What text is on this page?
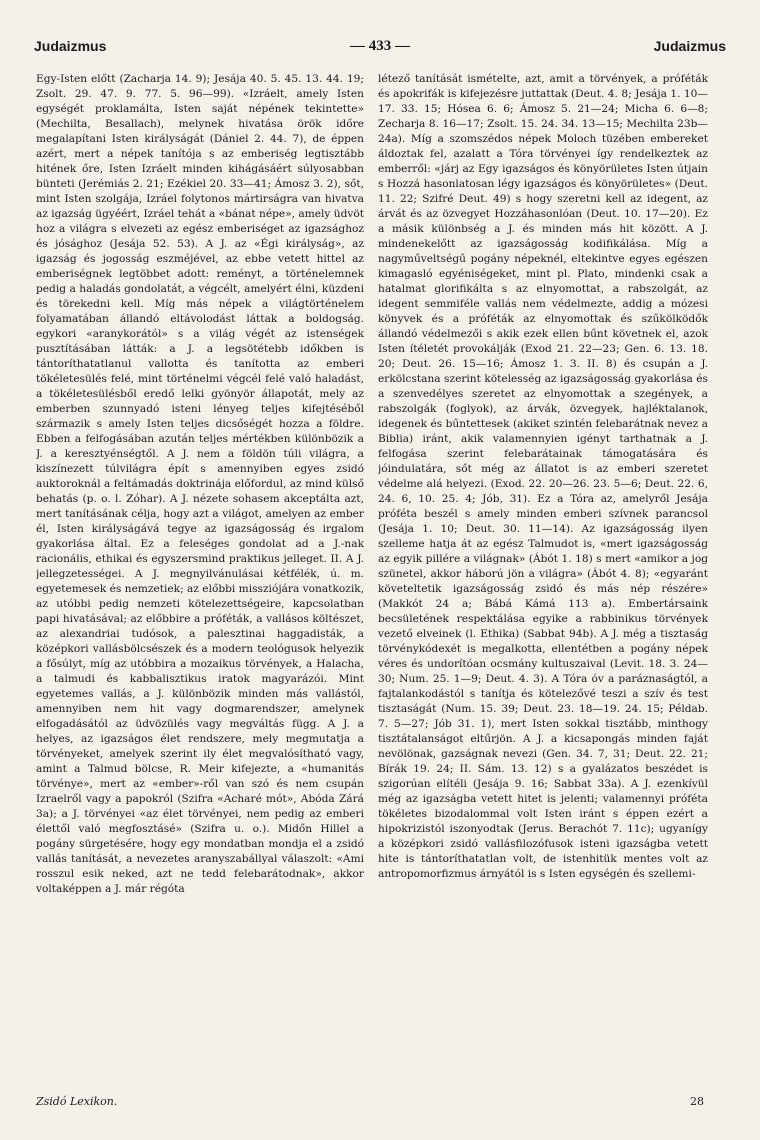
Judaizmus	— 433 —	Judaizmus

Egy-Isten előtt (Zacharja 14. 9); Jesája 40. 5. 45. 13. 44. 19; Zsolt. 29. 47. 9. 77. 5. 96—99). «Izráelt, amely Isten egységét proklamálta, Isten saját népének tekintette» (Mechilta, Besallach), melynek hivatása örök időre megalapítani Isten királyságát (Dániel 2. 44. 7), de éppen azért, mert a népek tanítója s az emberiség legtisztább hitének őre, Isten Izráelt minden kihágásáért súlyosabban bünteti (Jerémiás 2. 21; Ezékiel 20. 33—41; Ámosz 3. 2), sőt, mint Isten szolgája, Izráel folytonos mártirságra van hivatva az igazság ügyéért, Izráel tehát a «bánat népe», amely üdvöt hoz a világra s elvezeti az egész emberiséget az igazsághoz és jósághoz (Jesája 52. 53). A J. az «Égi királyság», az igazság és jogosság eszméjével, az ebbe vetett hittel az emberiségnek legtöbbet adott: reményt, a történelemnek pedig a haladás gondolatát, a végcélt, amelyért élni, küzdeni és törekedni kell. Míg más népek a világtörténelem folyamatában állandó eltávolodást láttak a boldogság. egykori «aranykorától» s a világ végét az istenségek pusztításában látták: a J. a legsötétebb időkben is tántoríthatatlanul vallotta és tanította az emberi tökéletesülés felé, mint történelmi végcél felé való haladást, a tökéletesülésből eredő lelki gyönyör állapotát, mely az emberben szunnyadó isteni lényeg teljes kifejtéséből származik s amely Isten teljes dicsőségét hozza a földre. Ebben a felfogásában azután teljes mértékben különbözik a J. a keresztyénségtől. A J. nem a földön túli világra, a kiszínezett túlvilágra épít s amennyiben egyes zsidó auktoroknál a feltámadás doktrinája előfordul, az mind külső behatás (p. o. l. Zóhar). A J. nézete sohasem akceptálta azt, mert tanításának célja, hogy azt a világot, amelyen az ember él, Isten királyságává tegye az igazságosság és irgalom gyakorlása által. Ez a feleséges gondolat ad a J.-nak racionális, ethikai és egyszersmind praktikus jelleget. II. A J. jellegzetességei. A J. megnyilvánulásai kétfélék, ú. m. egyetemesek és nemzetiek; az előbbi missziójára vonatkozik, az utóbbi pedig nemzeti kötelezettségeire, kapcsolatban papi hivatásával; az előbbire a próféták, a vallásos költészet, az alexandriai tudósok, a palesztinai haggadisták, a középkori vallásbölcsészek és a modern teológusok helyezik a fősúlyt, míg az utóbbira a mozaikus törvények, a Halacha, a talmudi és kabbalisztikus iratok magyarázói. Mint egyetemes vallás, a J. különbözik minden más vallástól, amennyiben nem hit vagy dogmarendszer, amelynek elfogadásától az üdvözülés vagy megváltás függ. A J. a helyes, az igazságos élet rendszere, mely megmutatja a törvényeket, amelyek szerint ily élet megvalósítható vagy, amint a Talmud bölcse, R. Meir kifejezte, a «humanitás törvénye», mert az «ember»-ről van szó és nem csupán Izraelről vagy a papokról (Szifra «Acharé mót», Abóda Zárá 3a); a J. törvényei «az élet törvényei, nem pedig az emberi élettől való megfosztásé» (Szifra u. o.). Midőn Hillel a pogány sürgetésére, hogy egy mondatban mondja el a zsidó vallás tanítását, a nevezetes aranyszabállyal válaszolt: «Ami rosszul esik neked, azt ne tedd felebarátodnak», akkor voltaképpen a J. már régóta

létező tanítását ismételte, azt, amit a törvények, a próféták és apokrifák is kifejezésre juttattak (Deut. 4. 8; Jesája 1. 10—17. 33. 15; Hósea 6. 6; Ámosz 5. 21—24; Micha 6. 6—8; Zecharja 8. 16—17; Zsolt. 15. 24. 34. 13—15; Mechilta 23b—24a). Míg a szomszédos népek Moloch tüzében embereket áldoztak fel, azalatt a Tóra törvényei így rendelkeztek az emberről: «járj az Egy igazságos és könyörületes Isten útjain s Hozzá hasonlatosan légy igazságos és könyörületes» (Deut. 11. 22; Szifré Deut. 49) s hogy szeretni kell az idegent, az árvát és az özvegyet Hozzáhasonlóan (Deut. 10. 17—20). Ez a másik különbség a J. és minden más hit között. A J. mindenekelőtt az igazságosság kodifikálása. Míg a nagyműveltségű pogány népeknél, eltekintve egyes egészen kimagasló egyéniségeket, mint pl. Plato, mindenki csak a hatalmat glorifikálta s az elnyomottat, a rabszolgát, az idegent semmiféle vallás nem védelmezte, addig a mózesi könyvek és a próféták az elnyomottak és szűkölködők állandó védelmezői s akik ezek ellen bűnt követnek el, azok Isten ítéletét provokálják (Exod 21. 22—23; Gen. 6. 13. 18. 20; Deut. 26. 15—16; Ámosz 1. 3. II. 8) és csupán a J. erkölcstana szerint kötelesség az igazságosság gyakorlása és a szenvedélyes szeretet az elnyomottak a szegények, a rabszolgák (foglyok), az árvák, özvegyek, hajléktalanok, idegenek és bűntettesek (akiket szintén felebarátnak nevez a Biblia) iránt, akik valamennyien igényt tarthatnak a J. felfogása szerint felebarátainak támogatására és jóindulatára, sőt még az állatot is az emberi szeretet védelme alá helyezi. (Exod. 22. 20—26. 23. 5—6; Deut. 22. 6, 24. 6, 10. 25. 4; Jób, 31). Ez a Tóra az, amelyről Jesája próféta beszél s amely minden emberi szívnek parancsol (Jesája 1. 10; Deut. 30. 11—14). Az igazságosság ilyen szelleme hatja át az egész Talmudot is, «mert igazságosság az egyik pillére a világnak» (Ábót 1. 18) s mert «amikor a jog szünetel, akkor háború jön a világra» (Ábót 4. 8); «egyaránt követeltetik igazságosság zsidó és más nép részére» (Makkót 24 a; Bábá Kámá 113 a). Embertársaink becsületének respektálása egyike a rabbinikus törvények vezető elveinek (l. Ethika) (Sabbat 94b). A J. még a tisztaság törvénykódexét is megalkotta, ellentétben a pogány népek véres és undorítóan ocsmány kultuszaival (Levit. 18. 3. 24—30; Num. 25. 1—9; Deut. 4. 3). A Tóra óv a paráznaságtól, a fajtalankodástól s tanítja és kötelezővé teszi a szív és test tisztaságát (Num. 15. 39; Deut. 23. 18—19. 24. 15; Példab. 7. 5—27; Jób 31. 1), mert Isten sokkal tisztább, minthogy tisztátalanságot eltűrjön. A J. a kicsapongás minden faját nevölönak, gazságnak nevezi (Gen. 34. 7, 31; Deut. 22. 21; Bírák 19. 24; II. Sám. 13. 12) s a gyalázatos beszédet is szigorúan elítéli (Jesája 9. 16; Sabbat 33a). A J. ezenkívül még az igazságba vetett hitet is jelenti; valamennyi próféta tökéletes bizodalommal volt Isten iránt s éppen ezért a hipokrizistól iszonyodtak (Jerus. Berachót 7. 11c); ugyanígy a középkori zsidó vallásfilozófusok isteni igazságba vetett hite is tántoríthatatlan volt, de istenhitük mentes volt az antropomorfizmus árnyától is s Isten egységén és szellemi-

Zsidó Lexikon.	28
